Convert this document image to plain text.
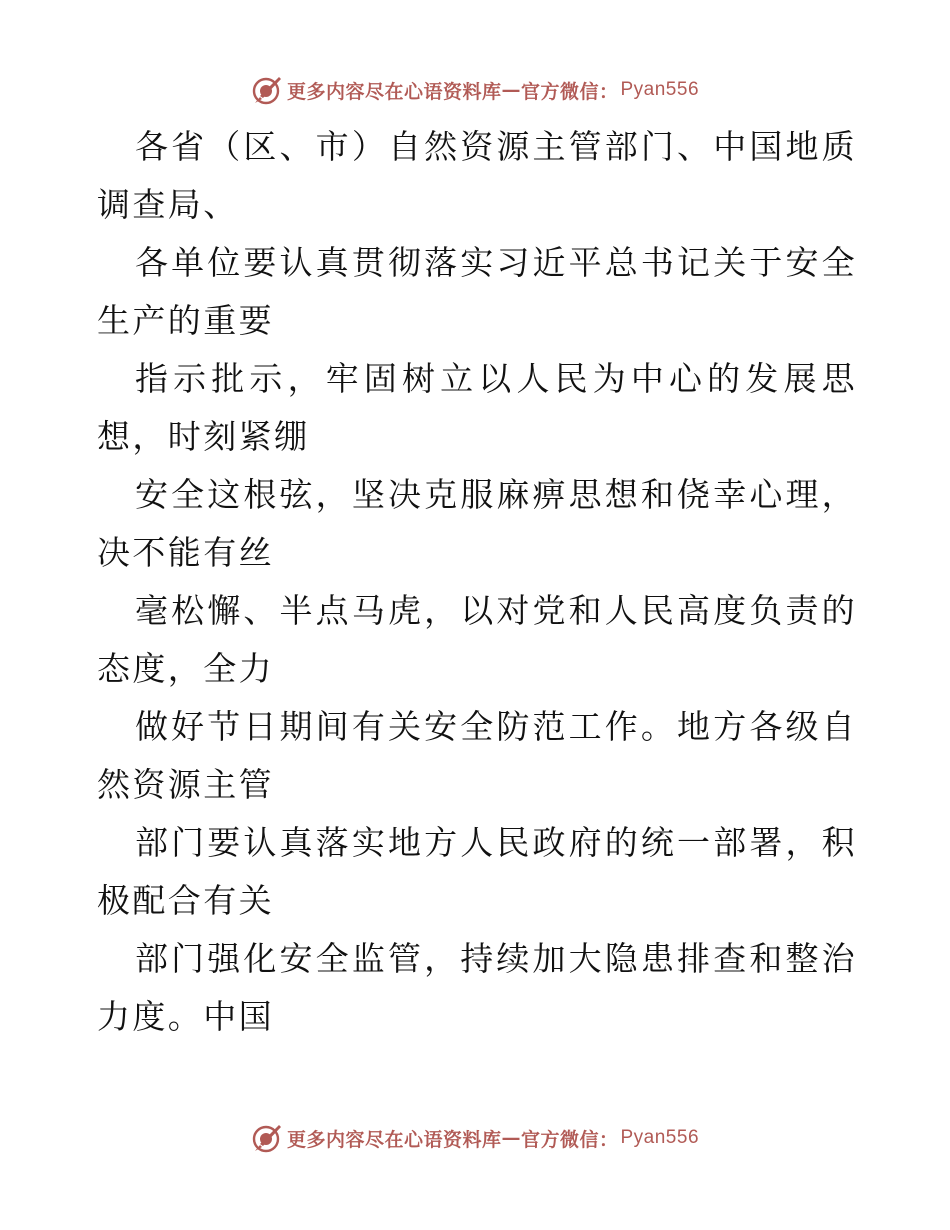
更多内容尽在心语资料库 — 官方微信： Pyan556

各省（区、市）自然资源主管部门、中国地质调查局、

各单位要认真贯彻落实习近平总书记关于安全生产的重要

指示批示，牢固树立以人民为中心的发展思想，时刻紧绷

安全这根弦，坚决克服麻痹思想和侥幸心理，决不能有丝

毫松懈、半点马虎，以对党和人民高度负责的态度，全力

做好节日期间有关安全防范工作。地方各级自然资源主管

部门要认真落实地方人民政府的统一部署，积极配合有关

部门强化安全监管，持续加大隐患排查和整治力度。中国

更多内容尽在心语资料库 — 官方微信： Pyan556
